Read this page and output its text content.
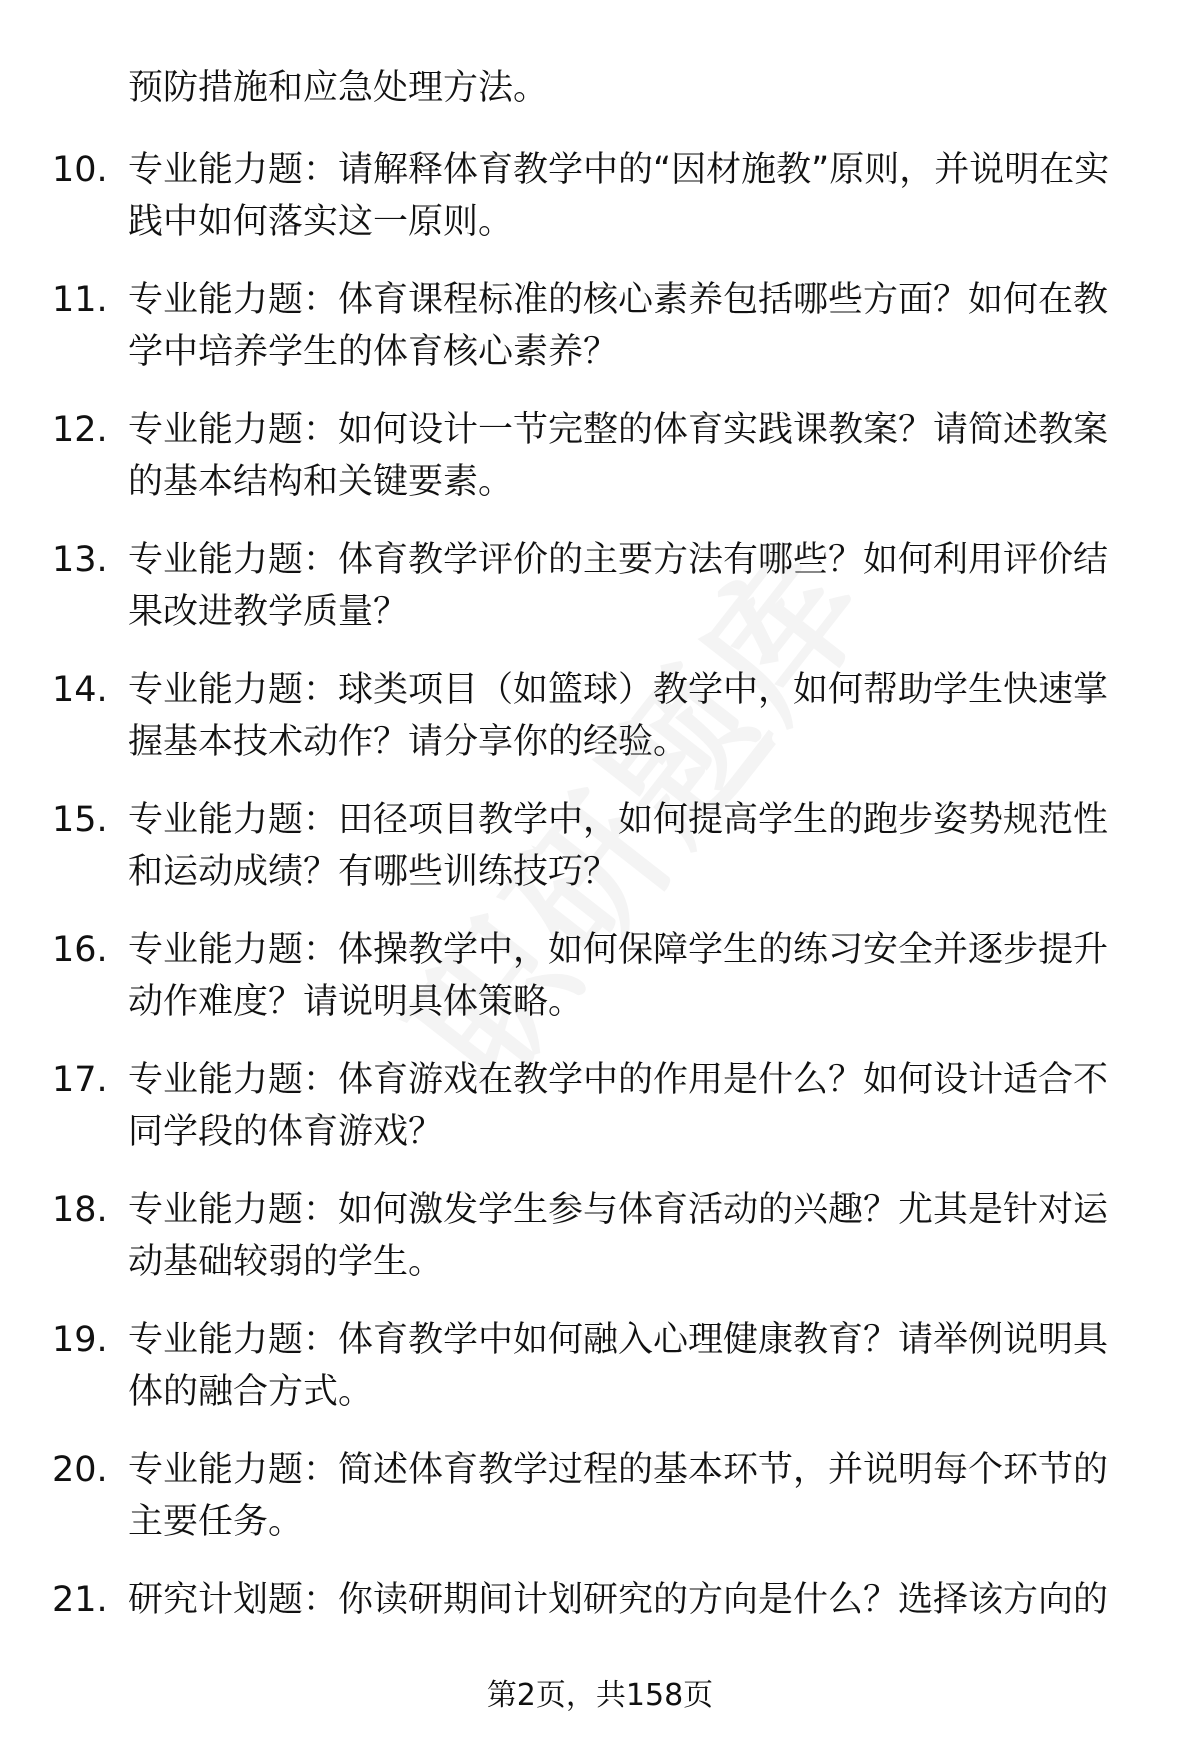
预防措施和应急处理方法。

10. 专业能力题：请解释体育教学中的“因材施教”原则，并说明在实践中如何落实这一原则。

11. 专业能力题：体育课程标准的核心素养包括哪些方面？如何在教学中培养学生的体育核心素养？

12. 专业能力题：如何设计一节完整的体育实践课教案？请简述教案的基本结构和关键要素。

13. 专业能力题：体育教学评价的主要方法有哪些？如何利用评价结果改进教学质量？

14. 专业能力题：球类项目（如篮球）教学中，如何帮助学生快速掌握基本技术动作？请分享你的经验。

15. 专业能力题：田径项目教学中，如何提高学生的跑步姿势规范性和运动成绩？有哪些训练技巧？

16. 专业能力题：体操教学中，如何保障学生的练习安全并逐步提升动作难度？请说明具体策略。

17. 专业能力题：体育游戏在教学中的作用是什么？如何设计适合不同学段的体育游戏？

18. 专业能力题：如何激发学生参与体育活动的兴趣？尤其是针对运动基础较弱的学生。

19. 专业能力题：体育教学中如何融入心理健康教育？请举例说明具体的融合方式。

20. 专业能力题：简述体育教学过程的基本环节，并说明每个环节的主要任务。

21. 研究计划题：你读研期间计划研究的方向是什么？选择该方向的

第2页，共158页
